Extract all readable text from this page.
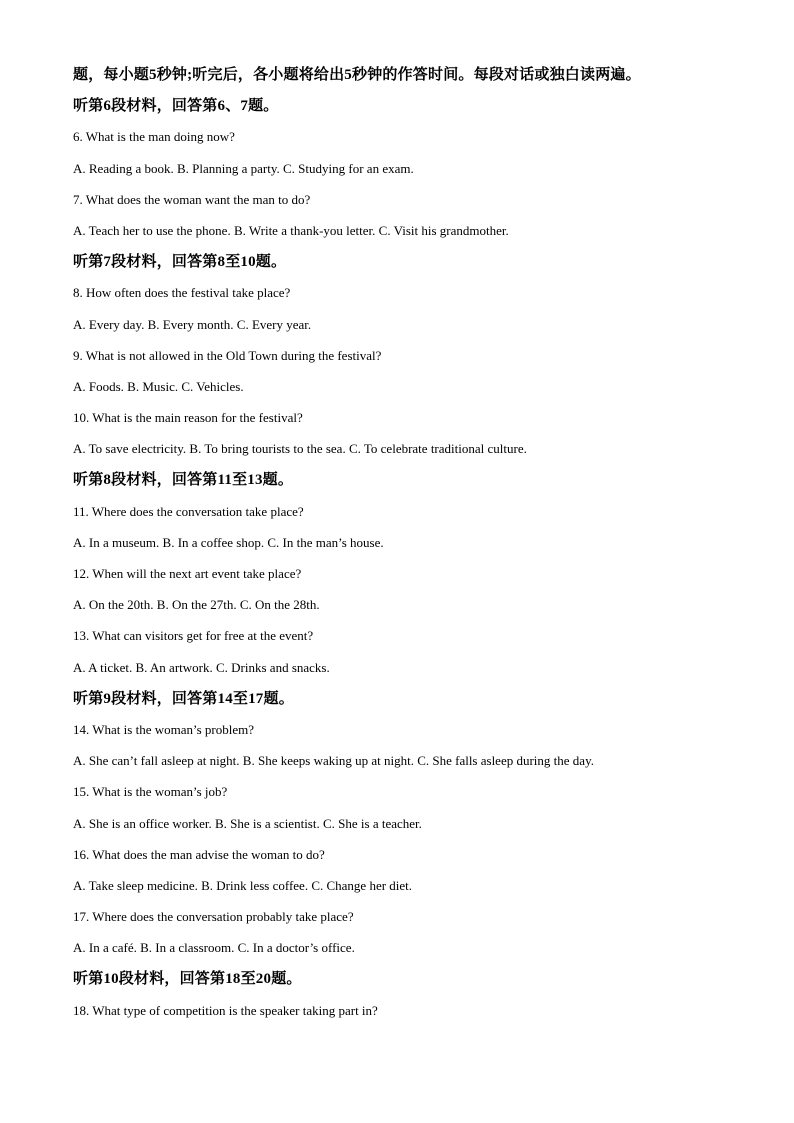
题，每小题5秒钟;听完后，各小题将给出5秒钟的作答时间。每段对话或独白读两遍。
听第6段材料，回答第6、7题。
6. What is the man doing now?
A. Reading a book. B. Planning a party. C. Studying for an exam.
7. What does the woman want the man to do?
A. Teach her to use the phone. B. Write a thank-you letter. C. Visit his grandmother.
听第7段材料，回答第8至10题。
8. How often does the festival take place?
A. Every day. B. Every month. C. Every year.
9. What is not allowed in the Old Town during the festival?
A. Foods. B. Music. C. Vehicles.
10. What is the main reason for the festival?
A. To save electricity. B. To bring tourists to the sea. C. To celebrate traditional culture.
听第8段材料，回答第11至13题。
11. Where does the conversation take place?
A. In a museum. B. In a coffee shop. C. In the man’s house.
12. When will the next art event take place?
A. On the 20th. B. On the 27th. C. On the 28th.
13. What can visitors get for free at the event?
A. A ticket. B. An artwork. C. Drinks and snacks.
听第9段材料，回答第14至17题。
14. What is the woman’s problem?
A. She can’t fall asleep at night. B. She keeps waking up at night. C. She falls asleep during the day.
15. What is the woman’s job?
A. She is an office worker. B. She is a scientist. C. She is a teacher.
16. What does the man advise the woman to do?
A. Take sleep medicine. B. Drink less coffee. C. Change her diet.
17. Where does the conversation probably take place?
A. In a café. B. In a classroom. C. In a doctor’s office.
听第10段材料，回答第18至20题。
18. What type of competition is the speaker taking part in?
